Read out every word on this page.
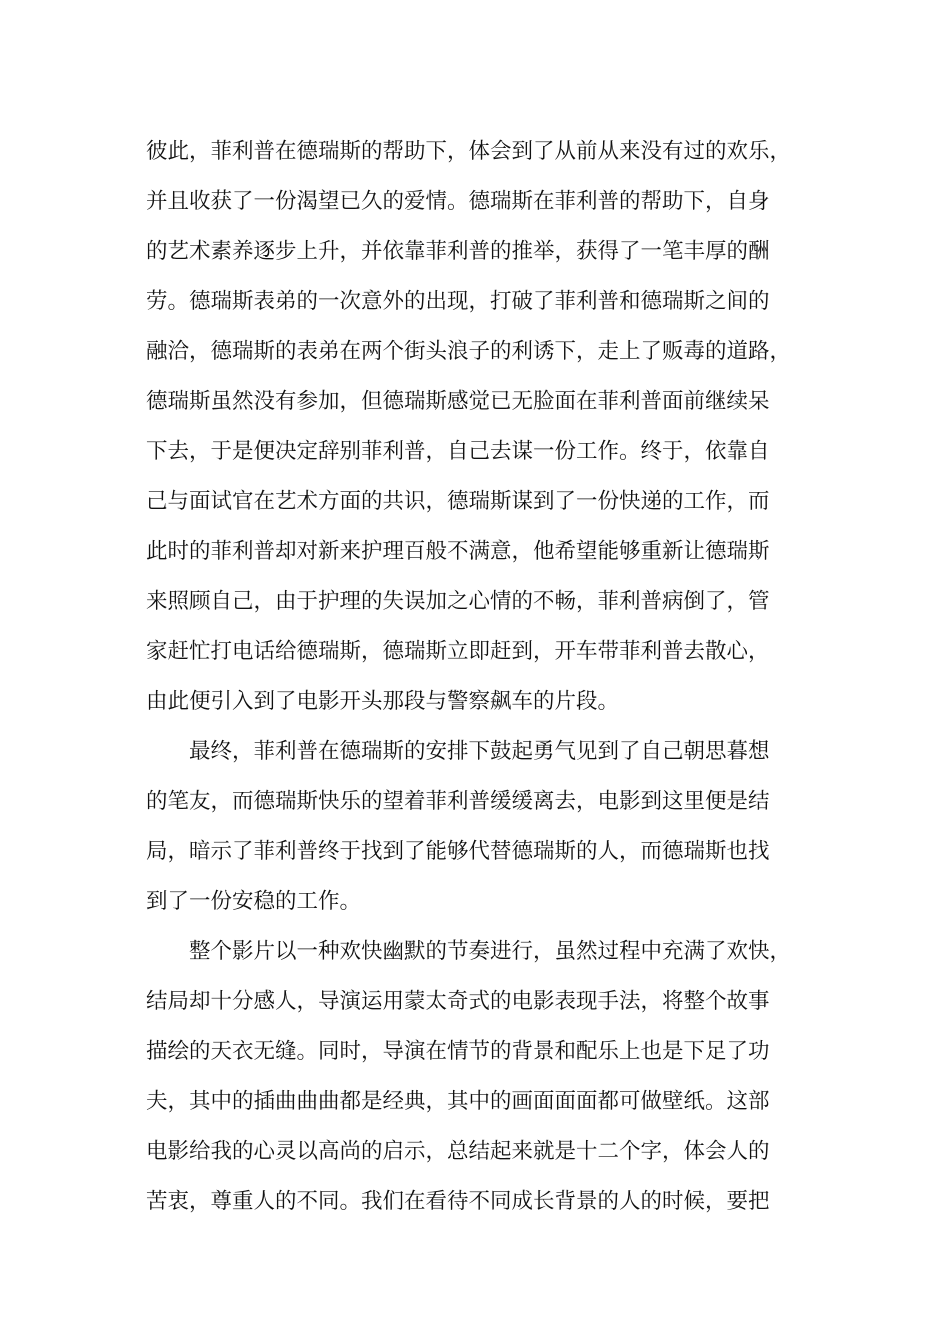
彼此，菲利普在德瑞斯的帮助下，体会到了从前从来没有过的欢乐，
并且收获了一份渴望已久的爱情。德瑞斯在菲利普的帮助下，自身
的艺术素养逐步上升，并依靠菲利普的推举，获得了一笔丰厚的酬
劳。德瑞斯表弟的一次意外的出现，打破了菲利普和德瑞斯之间的
融洽，德瑞斯的表弟在两个街头浪子的利诱下，走上了贩毒的道路，
德瑞斯虽然没有参加，但德瑞斯感觉已无脸面在菲利普面前继续呆
下去，于是便决定辞别菲利普，自己去谋一份工作。终于，依靠自
己与面试官在艺术方面的共识，德瑞斯谋到了一份快递的工作，而
此时的菲利普却对新来护理百般不满意，他希望能够重新让德瑞斯
来照顾自己，由于护理的失误加之心情的不畅，菲利普病倒了，管
家赶忙打电话给德瑞斯，德瑞斯立即赶到，开车带菲利普去散心，
由此便引入到了电影开头那段与警察飙车的片段。
　　最终，菲利普在德瑞斯的安排下鼓起勇气见到了自己朝思暮想
的笔友，而德瑞斯快乐的望着菲利普缓缓离去，电影到这里便是结
局，暗示了菲利普终于找到了能够代替德瑞斯的人，而德瑞斯也找
到了一份安稳的工作。
　　整个影片以一种欢快幽默的节奏进行，虽然过程中充满了欢快，
结局却十分感人，导演运用蒙太奇式的电影表现手法，将整个故事
描绘的天衣无缝。同时，导演在情节的背景和配乐上也是下足了功
夫，其中的插曲曲曲都是经典，其中的画面面面都可做壁纸。这部
电影给我的心灵以高尚的启示，总结起来就是十二个字，体会人的
苦衷，尊重人的不同。我们在看待不同成长背景的人的时候，要把
